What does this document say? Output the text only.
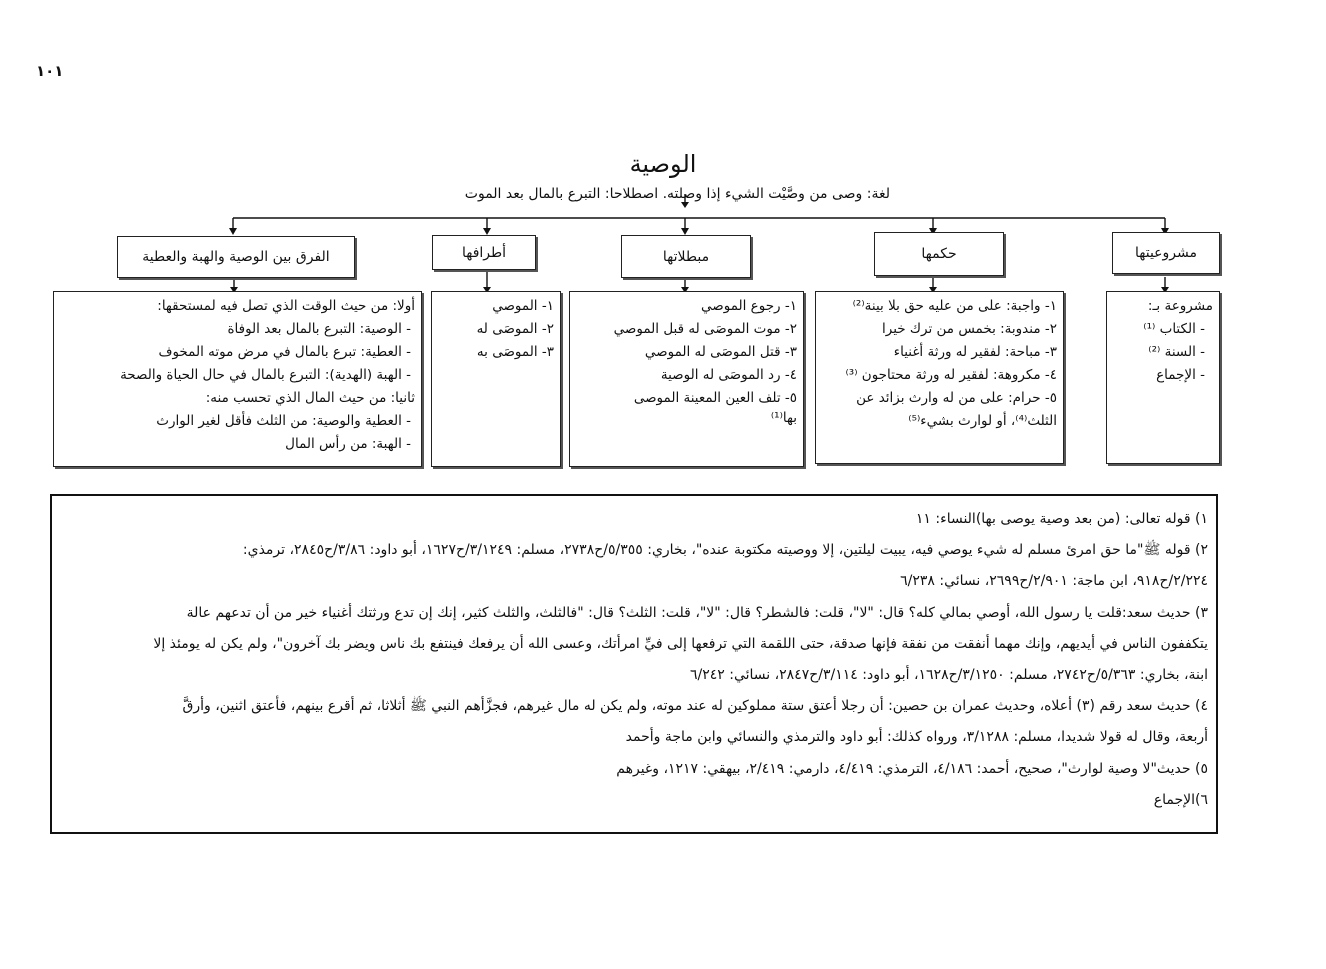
١٠١
الوصية
لغة: وصى من وصَّيْت الشيء إذا وصلته. اصطلاحا: التبرع بالمال بعد الموت
مشروعيتها
حكمها
مبطلاتها
أطرافها
الفرق بين الوصية والهبة والعطية
مشروعة بـ:
- الكتاب ⁽¹⁾
- السنة ⁽²⁾
- الإجماع
١- واجبة: على من عليه حق بلا بينة⁽²⁾
٢- مندوبة: بخمس من ترك خيرا
٣- مباحة: لفقير له ورثة أغنياء
٤- مكروهة: لفقير له ورثة محتاجون ⁽³⁾
٥- حرام: على من له وارث بزائد عن
الثلث⁽⁴⁾، أو لوارث بشيء⁽⁵⁾
١- رجوع الموصي
٢- موت الموصَى له قبل الموصي
٣- قتل الموصَى له الموصي
٤- رد الموصَى له الوصية
٥- تلف العين المعينة الموصى
بها⁽¹⁾
١- الموصي
٢- الموصَى له
٣- الموصَى به
أولا: من حيث الوقت الذي تصل فيه لمستحقها:
- الوصية: التبرع بالمال بعد الوفاة
- العطية: تبرع بالمال في مرض موته المخوف
- الهبة (الهدية): التبرع بالمال في حال الحياة والصحة
ثانيا: من حيث المال الذي تحسب منه:
- العطية والوصية: من الثلث فأقل لغير الوارث
- الهبة: من رأس المال
١) قوله تعالى: (من بعد وصية يوصى بها)النساء: ١١
٢) قوله ﷺ"ما حق امرئ مسلم له شيء يوصي فيه، يبيت ليلتين، إلا ووصيته مكتوبة عنده"، بخاري: ٥/٣٥٥/ح٢٧٣٨، مسلم: ٣/١٢٤٩/ح١٦٢٧، أبو داود: ٣/٨٦/ح٢٨٤٥، ترمذي:
٢/٢٢٤/ح٩١٨، ابن ماجة: ٢/٩٠١/ح٢٦٩٩، نسائي: ٦/٢٣٨
٣) حديث سعد:قلت يا رسول الله، أوصي بمالي كله؟ قال: "لا"، قلت: فالشطر؟ قال: "لا"، قلت: الثلث؟ قال: "فالثلث، والثلث كثير، إنك إن تدع ورثتك أغنياء خير من أن تدعهم عالة
يتكففون الناس في أيديهم، وإنك مهما أنفقت من نفقة فإنها صدقة، حتى اللقمة التي ترفعها إلى فيِّ امرأتك، وعسى الله أن يرفعك فينتفع بك ناس ويضر بك آخرون"، ولم يكن له يومئذ إلا
ابنة، بخاري: ٥/٣٦٣/ح٢٧٤٢، مسلم: ٣/١٢٥٠/ح١٦٢٨، أبو داود: ٣/١١٤/ح٢٨٤٧، نسائي: ٦/٢٤٢
٤) حديث سعد رقم (٣) أعلاه، وحديث عمران بن حصين: أن رجلا أعتق ستة مملوكين له عند موته، ولم يكن له مال غيرهم، فجزَّأهم النبي ﷺ أثلاثا، ثم أقرع بينهم، فأعتق اثنين، وأرقَّ
أربعة، وقال له قولا شديدا، مسلم: ٣/١٢٨٨، ورواه كذلك: أبو داود والترمذي والنسائي وابن ماجة وأحمد
٥) حديث"لا وصية لوارث"، صحيح، أحمد: ٤/١٨٦، الترمذي: ٤/٤١٩، دارمي: ٢/٤١٩، بيهقي: ١٢١٧، وغيرهم
٦)الإجماع
